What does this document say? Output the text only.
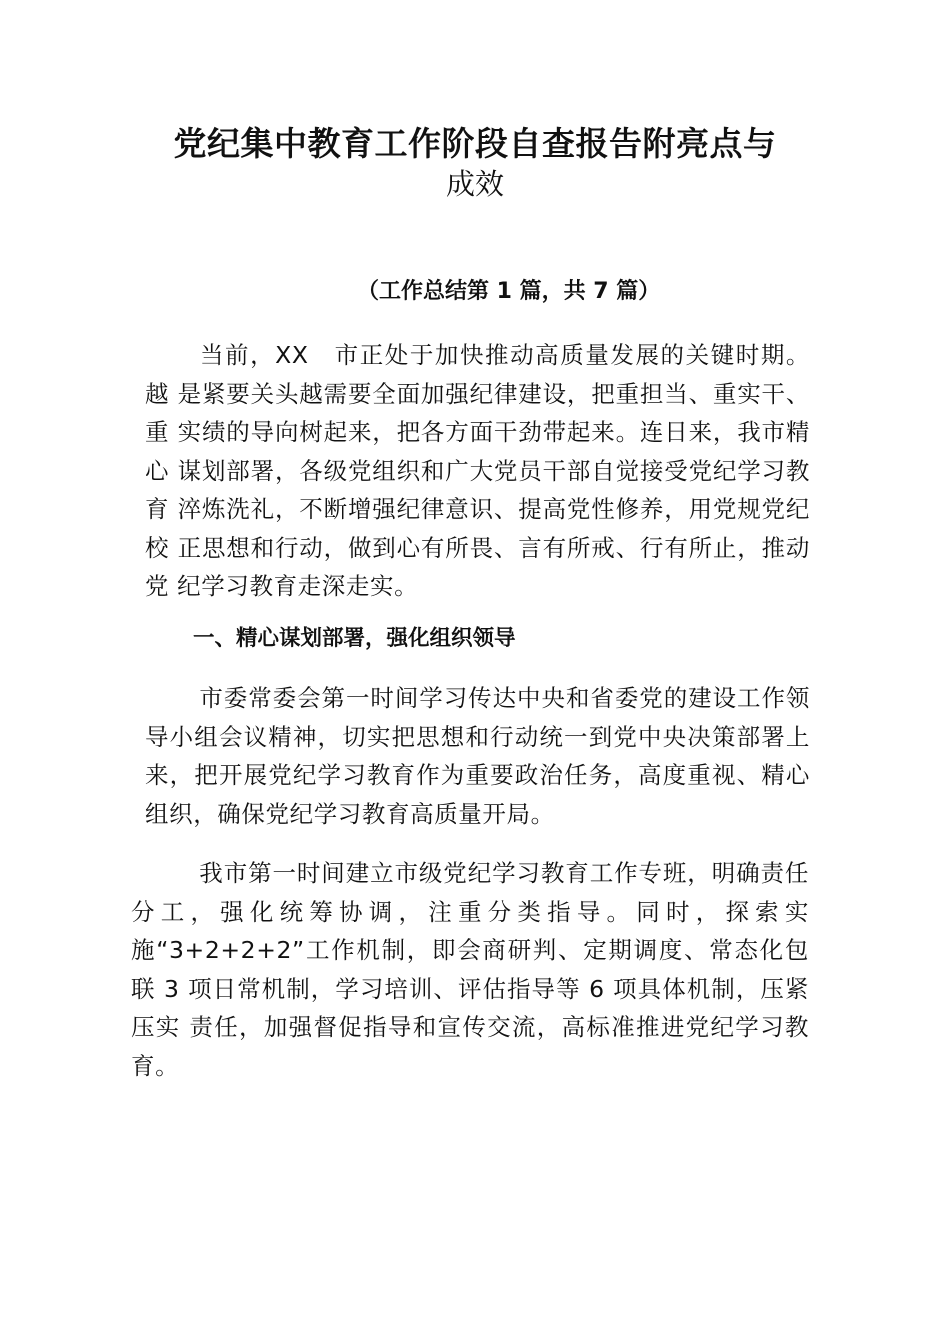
党纪集中教育工作阶段自查报告附亮点与
成效
（工作总结第 1 篇，共 7 篇）
当前，XX　市正处于加快推动高质量发展的关键时期。越 是紧要关头越需要全面加强纪律建设，把重担当、重实干、重 实绩的导向树起来，把各方面干劲带起来。连日来，我市精心 谋划部署，各级党组织和广大党员干部自觉接受党纪学习教育 淬炼洗礼，不断增强纪律意识、提高党性修养，用党规党纪校 正思想和行动，做到心有所畏、言有所戒、行有所止，推动党 纪学习教育走深走实。
一、精心谋划部署，强化组织领导
市委常委会第一时间学习传达中央和省委党的建设工作领导小组会议精神，切实把思想和行动统一到党中央决策部署上来，把开展党纪学习教育作为重要政治任务，高度重视、精心组织，确保党纪学习教育高质量开局。
我市第一时间建立市级党纪学习教育工作专班，明确责任分工，强化统筹协调，注重分类指导。同时，探索实施“3+2+2+2”工作机制，即会商研判、定期调度、常态化包联 3 项日常机制，学习培训、评估指导等 6 项具体机制，压紧压实 责任，加强督促指导和宣传交流，高标准推进党纪学习教育。
